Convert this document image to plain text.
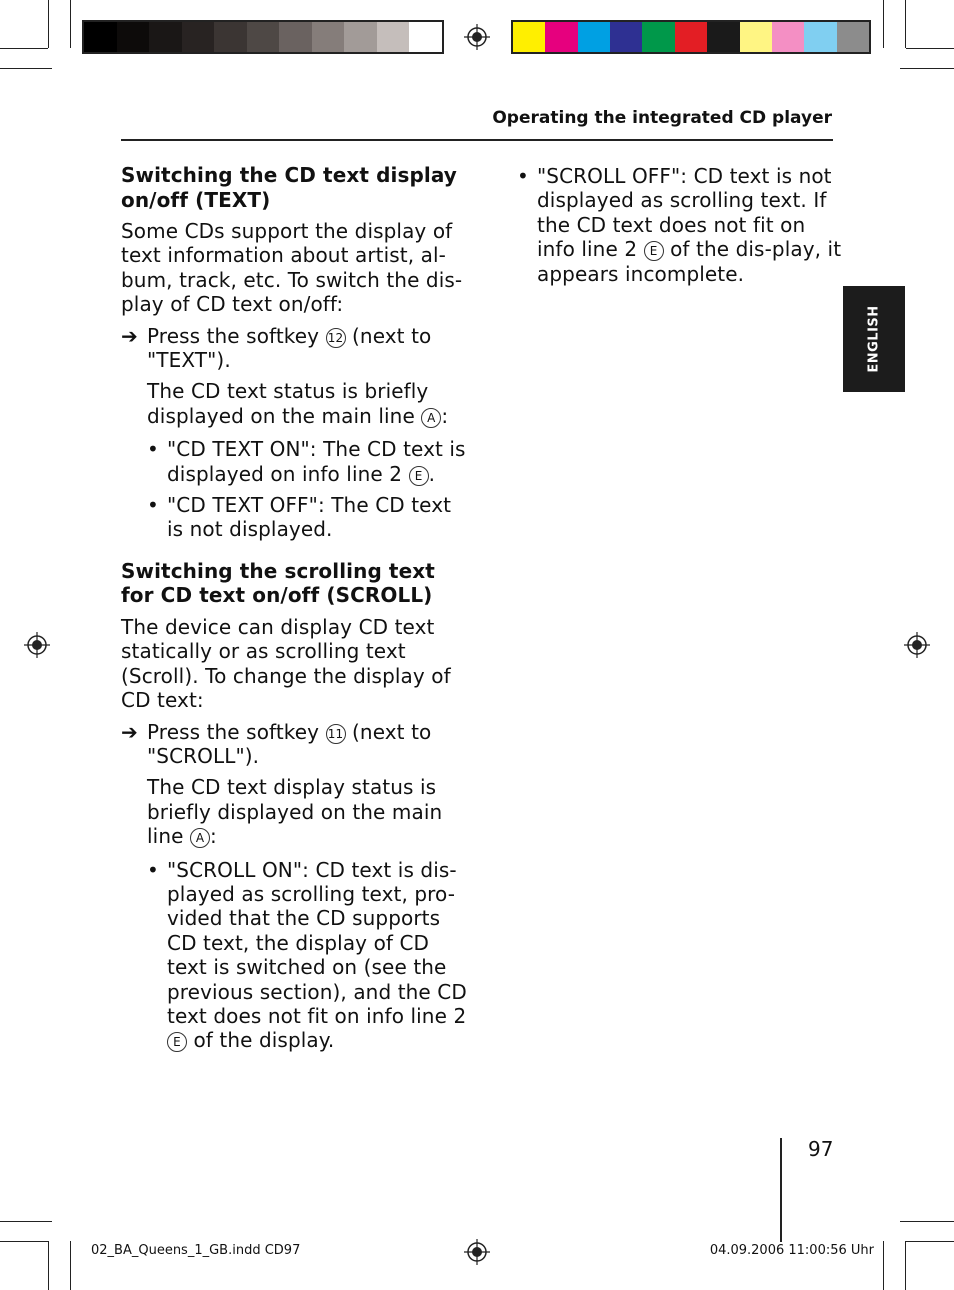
Operating the integrated CD player
Switching the CD text display on/off (TEXT)

Some CDs support the display of text information about artist, al-bum, track, etc. To switch the dis-play of CD text on/off:

➔ Press the softkey 12 (next to "TEXT").
The CD text status is briefly displayed on the main line A :
• "CD TEXT ON": The CD text is displayed on info line 2 E .
• "CD TEXT OFF": The CD text is not displayed.
Switching the scrolling text for CD text on/off (SCROLL)

The device can display CD text statically or as scrolling text (Scroll). To change the display of CD text:

➔ Press the softkey 11 (next to "SCROLL").
The CD text display status is briefly displayed on the main line A :
• "SCROLL ON": CD text is dis-played as scrolling text, pro-vided that the CD supports CD text, the display of CD text is switched on (see the previous section), and the CD text does not fit on info line 2 E of the display.
• "SCROLL OFF": CD text is not displayed as scrolling text. If the CD text does not fit on info line 2 E of the dis-play, it appears incomplete.
ENGLISH
97
02_BA_Queens_1_GB.indd CD97	04.09.2006 11:00:56 Uhr
